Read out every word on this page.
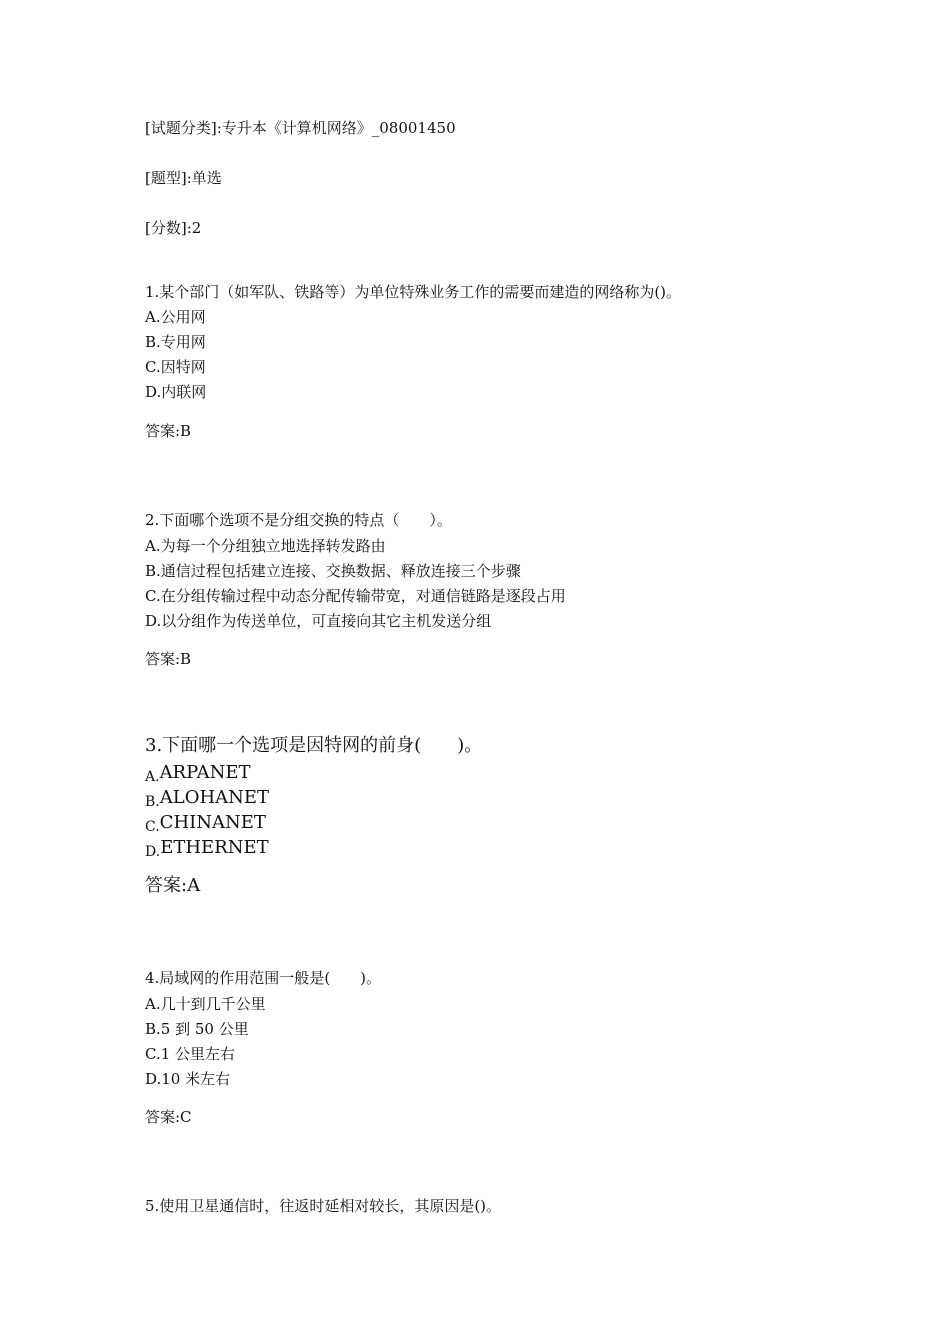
[试题分类]:专升本《计算机网络》_08001450
[题型]:单选
[分数]:2
1.某个部门（如军队、铁路等）为单位特殊业务工作的需要而建造的网络称为()。
A.公用网
B.专用网
C.因特网
D.内联网
答案:B
2.下面哪个选项不是分组交换的特点（　　）。
A.为每一个分组独立地选择转发路由
B.通信过程包括建立连接、交换数据、释放连接三个步骤
C.在分组传输过程中动态分配传输带宽，对通信链路是逐段占用
D.以分组作为传送单位，可直接向其它主机发送分组
答案:B
3.下面哪一个选项是因特网的前身(　　)。
A.ARPANET
B.ALOHANET
C.CHINANET
D.ETHERNET
答案:A
4.局域网的作用范围一般是(　　)。
A.几十到几千公里
B.5 到 50 公里
C.1 公里左右
D.10 米左右
答案:C
5.使用卫星通信时，往返时延相对较长，其原因是()。
